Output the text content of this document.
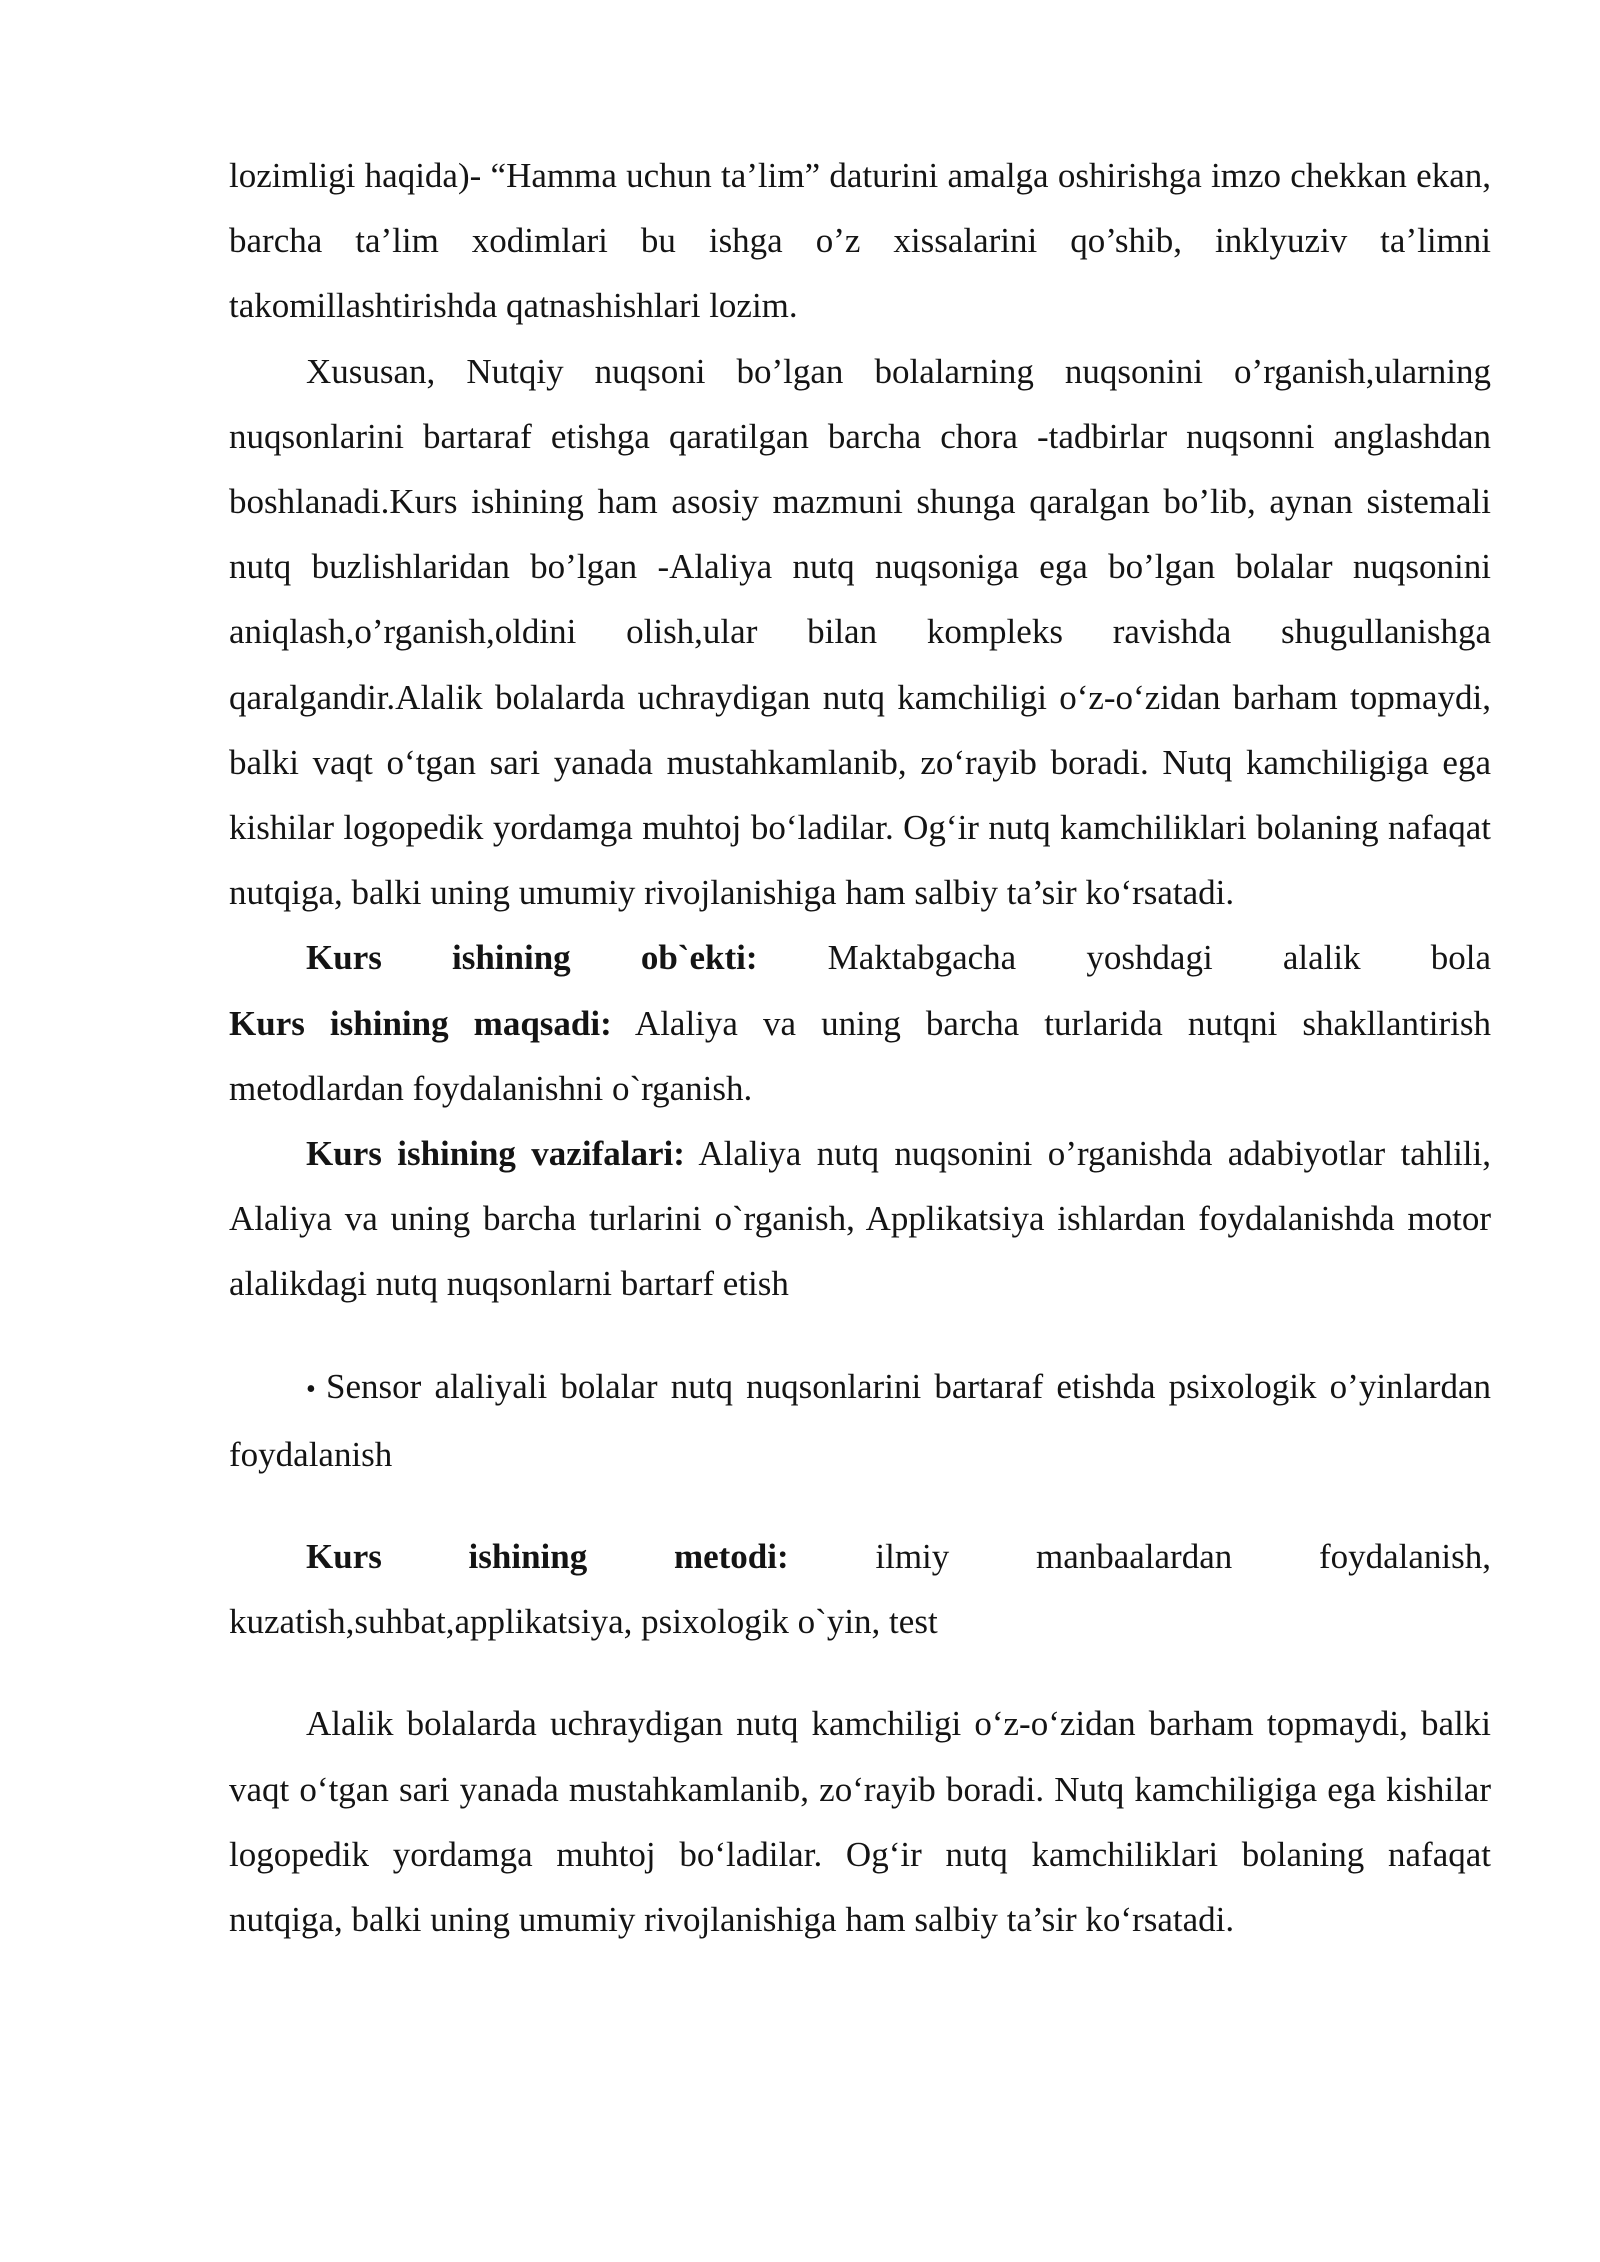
lozimligi haqida)- “Hamma uchun ta’lim” daturini amalga oshirishga imzo chekkan ekan, barcha ta’lim xodimlari bu ishga o’z xissalarini qo’shib, inklyuziv ta’limni takomillashtirishda qatnashishlari lozim.

Xususan, Nutqiy nuqsoni bo’lgan bolalarning nuqsonini o’rganish,ularning nuqsonlarini bartaraf etishga qaratilgan barcha chora -tadbirlar nuqsonni anglashdan boshlanadi.Kurs ishining ham asosiy mazmuni shunga qaralgan bo’lib, aynan sistemali nutq buzlishlaridan bo’lgan -Alaliya nutq nuqsoniga ega bo’lgan bolalar nuqsonini aniqlash,o’rganish,oldini olish,ular bilan kompleks ravishda shugullanishga qaralgandir.Alalik bolalarda uchraydigan nutq kamchiligi o‘z-o‘zidan barham topmaydi, balki vaqt o‘tgan sari yanada mustahkamlanib, zo‘rayib boradi. Nutq kamchiligiga ega kishilar logopedik yordamga muhtoj bo‘ladilar. Og‘ir nutq kamchiliklari bolaning nafaqat nutqiga, balki uning umumiy rivojlanishiga ham salbiy ta’sir ko‘rsatadi.

Kurs ishining ob`ekti: Maktabgacha yoshdagi alalik bola

Kurs ishining maqsadi: Alaliya va uning barcha turlarida nutqni shakllantirish metodlardan foydalanishni o`rganish.

Kurs ishining vazifalari: Alaliya nutq nuqsonini o’rganishda adabiyotlar tahlili, Alaliya va uning barcha turlarini o`rganish, Applikatsiya ishlardan foydalanishda motor alalikdagi nutq nuqsonlarni bartarf etish

• Sensor alaliyali bolalar nutq nuqsonlarini bartaraf etishda psixologik o’yinlardan foydalanish

Kurs ishining metodi: ilmiy manbaalardan foydalanish, kuzatish,suhbat,applikatsiya, psixologik o`yin, test

Alalik bolalarda uchraydigan nutq kamchiligi o‘z-o‘zidan barham topmaydi, balki vaqt o‘tgan sari yanada mustahkamlanib, zo‘rayib boradi. Nutq kamchiligiga ega kishilar logopedik yordamga muhtoj bo‘ladilar. Og‘ir nutq kamchiliklari bolaning nafaqat nutqiga, balki uning umumiy rivojlanishiga ham salbiy ta’sir ko‘rsatadi.
